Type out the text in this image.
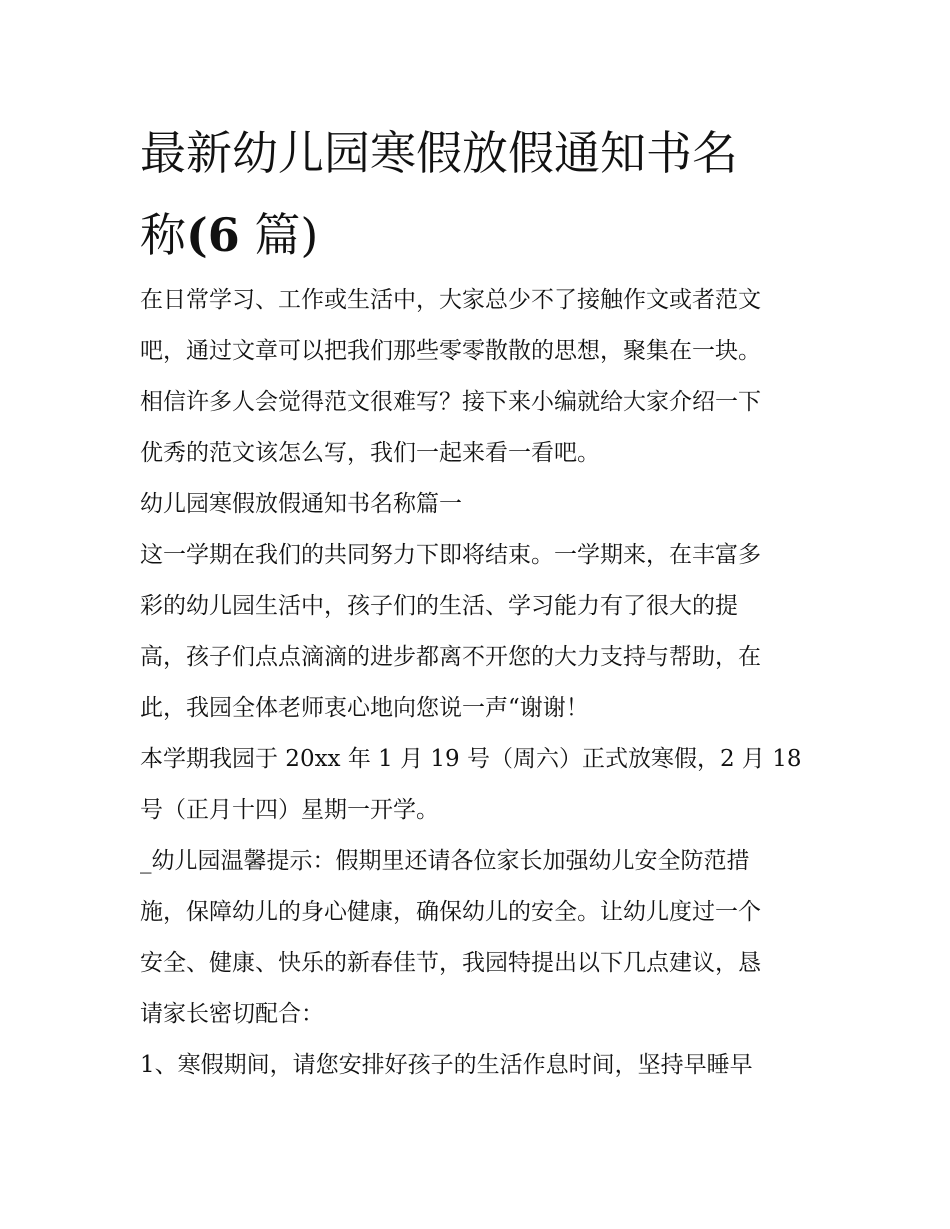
最新幼儿园寒假放假通知书名
称(6 篇)
在日常学习、工作或生活中，大家总少不了接触作文或者范文
吧，通过文章可以把我们那些零零散散的思想，聚集在一块。
相信许多人会觉得范文很难写？接下来小编就给大家介绍一下
优秀的范文该怎么写，我们一起来看一看吧。
幼儿园寒假放假通知书名称篇一
这一学期在我们的共同努力下即将结束。一学期来，在丰富多
彩的幼儿园生活中，孩子们的生活、学习能力有了很大的提
高，孩子们点点滴滴的进步都离不开您的大力支持与帮助，在
此，我园全体老师衷心地向您说一声“谢谢！
本学期我园于 20xx 年 1 月 19 号（周六）正式放寒假，2 月 18
号（正月十四）星期一开学。
_幼儿园温馨提示：假期里还请各位家长加强幼儿安全防范措
施，保障幼儿的身心健康，确保幼儿的安全。让幼儿度过一个
安全、健康、快乐的新春佳节，我园特提出以下几点建议，恳
请家长密切配合：
1、寒假期间，请您安排好孩子的生活作息时间，坚持早睡早
